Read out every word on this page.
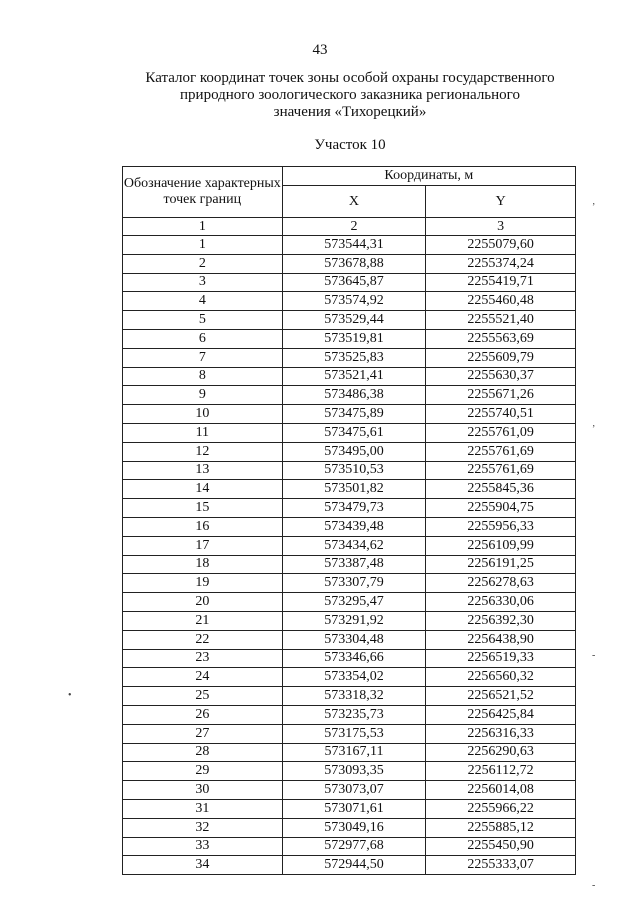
43
Каталог координат точек зоны особой охраны государственного
природного зоологического заказника регионального
значения «Тихорецкий»
Участок 10
Обозначение характерных точек границ	Координаты, м	
	X	Y
1	2	3
1	573544,31	2255079,60
2	573678,88	2255374,24
3	573645,87	2255419,71
4	573574,92	2255460,48
5	573529,44	2255521,40
6	573519,81	2255563,69
7	573525,83	2255609,79
8	573521,41	2255630,37
9	573486,38	2255671,26
10	573475,89	2255740,51
11	573475,61	2255761,09
12	573495,00	2255761,69
13	573510,53	2255761,69
14	573501,82	2255845,36
15	573479,73	2255904,75
16	573439,48	2255956,33
17	573434,62	2256109,99
18	573387,48	2256191,25
19	573307,79	2256278,63
20	573295,47	2256330,06
21	573291,92	2256392,30
22	573304,48	2256438,90
23	573346,66	2256519,33
24	573354,02	2256560,32
25	573318,32	2256521,52
26	573235,73	2256425,84
27	573175,53	2256316,33
28	573167,11	2256290,63
29	573093,35	2256112,72
30	573073,07	2256014,08
31	573071,61	2255966,22
32	573049,16	2255885,12
33	572977,68	2255450,90
34	572944,50	2255333,07
‚
‚
-
•
-
